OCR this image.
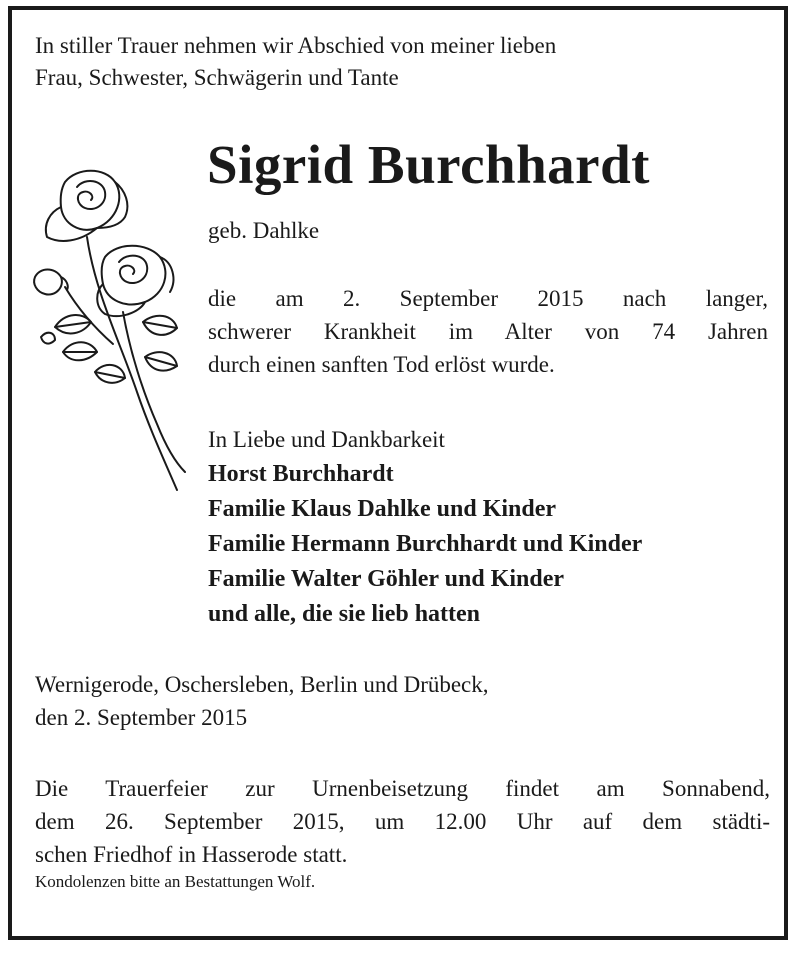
In stiller Trauer nehmen wir Abschied von meiner lieben
Frau, Schwester, Schwägerin und Tante
Sigrid Burchhardt
geb. Dahlke
die am 2. September 2015 nach langer,
schwerer Krankheit im Alter von 74 Jahren
durch einen sanften Tod erlöst wurde.
In Liebe und Dankbarkeit
Horst Burchhardt
Familie Klaus Dahlke und Kinder
Familie Hermann Burchhardt und Kinder
Familie Walter Göhler und Kinder
und alle, die sie lieb hatten
Wernigerode, Oschersleben, Berlin und Drübeck,
den 2. September 2015
Die Trauerfeier zur Urnenbeisetzung findet am Sonnabend,
dem 26. September 2015, um 12.00 Uhr auf dem städti-
schen Friedhof in Hasserode statt.
Kondolenzen bitte an Bestattungen Wolf.
